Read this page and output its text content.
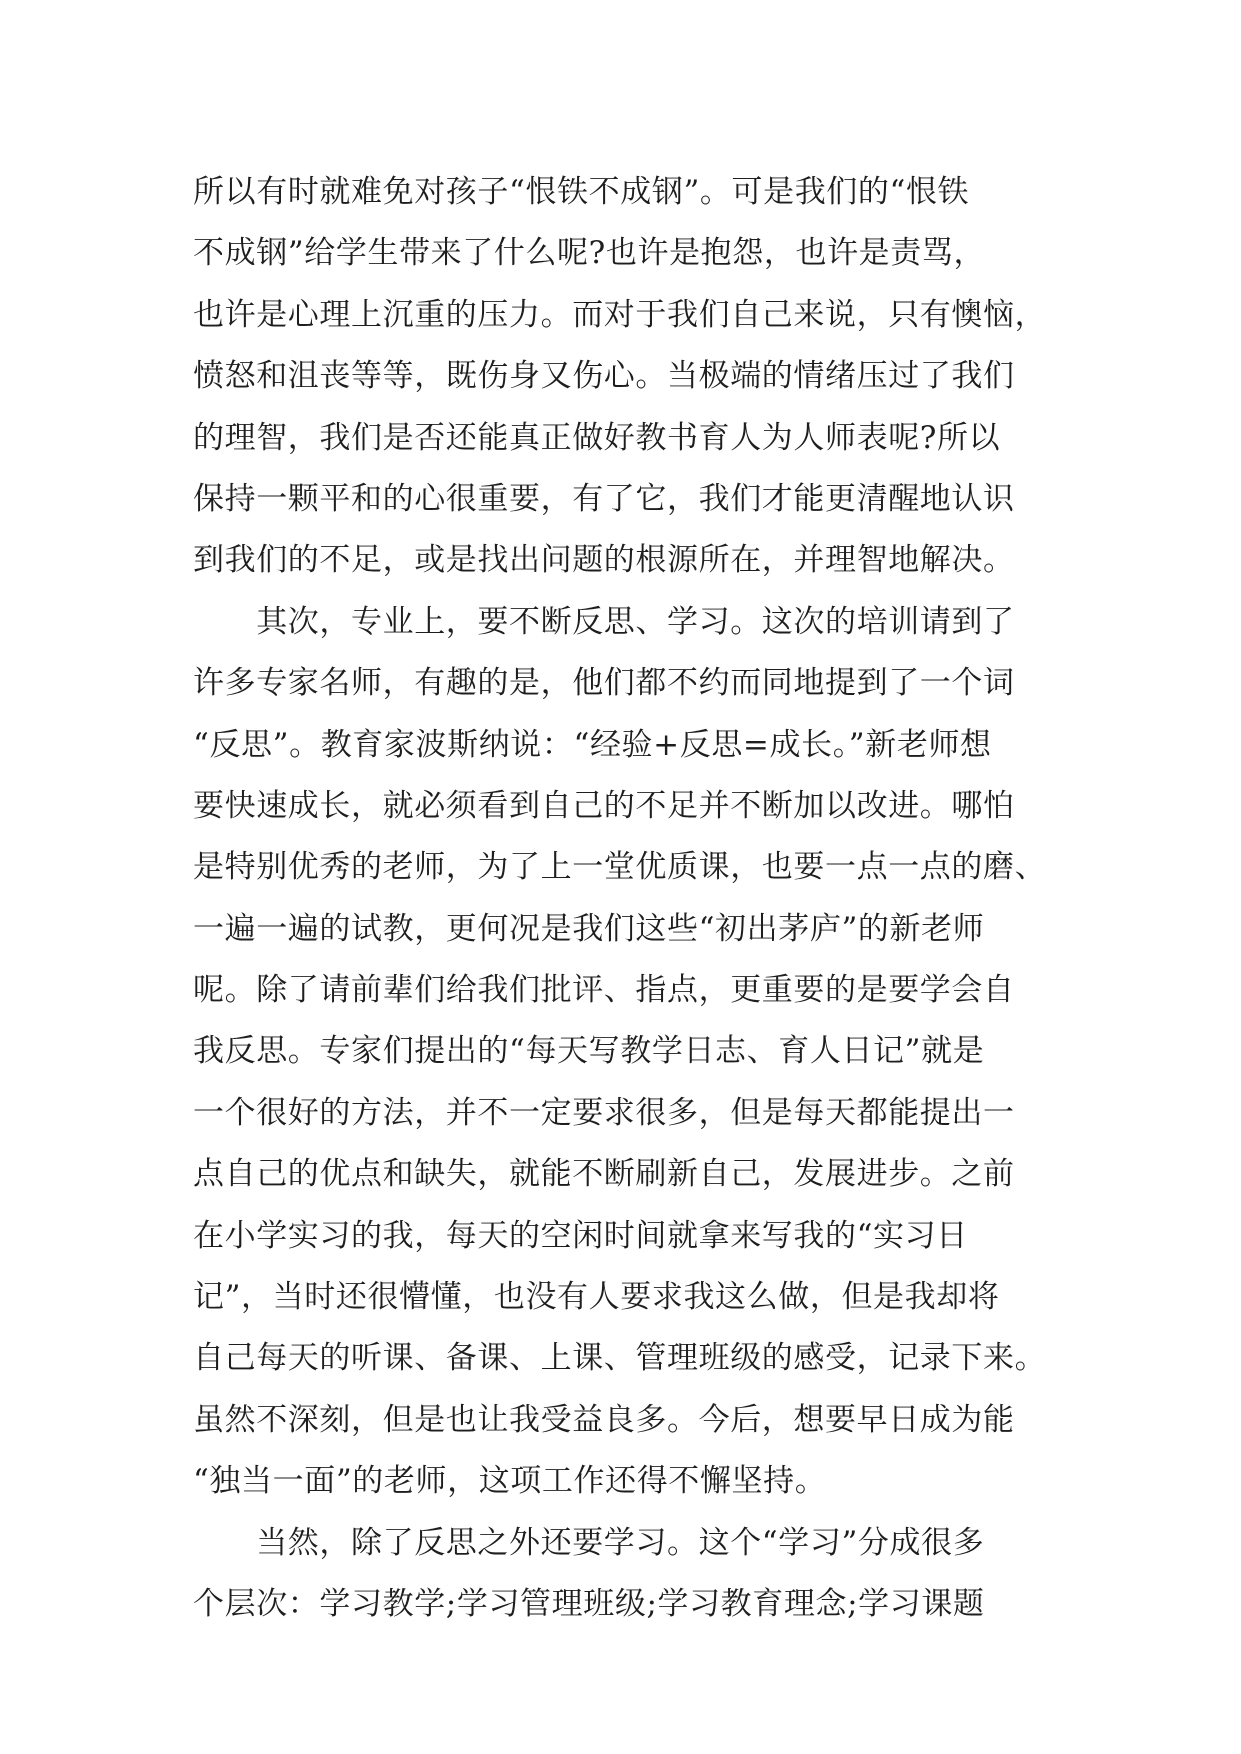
所以有时就难免对孩子“恨铁不成钢”。可是我们的“恨铁
不成钢”给学生带来了什么呢?也许是抱怨，也许是责骂，
也许是心理上沉重的压力。而对于我们自己来说，只有懊恼，
愤怒和沮丧等等，既伤身又伤心。当极端的情绪压过了我们
的理智，我们是否还能真正做好教书育人为人师表呢?所以
保持一颗平和的心很重要，有了它，我们才能更清醒地认识
到我们的不足，或是找出问题的根源所在，并理智地解决。
　　其次，专业上，要不断反思、学习。这次的培训请到了
许多专家名师，有趣的是，他们都不约而同地提到了一个词
“反思”。教育家波斯纳说：“经验+反思=成长。”新老师想
要快速成长，就必须看到自己的不足并不断加以改进。哪怕
是特别优秀的老师，为了上一堂优质课，也要一点一点的磨、
一遍一遍的试教，更何况是我们这些“初出茅庐”的新老师
呢。除了请前辈们给我们批评、指点，更重要的是要学会自
我反思。专家们提出的“每天写教学日志、育人日记”就是
一个很好的方法，并不一定要求很多，但是每天都能提出一
点自己的优点和缺失，就能不断刷新自己，发展进步。之前
在小学实习的我，每天的空闲时间就拿来写我的“实习日
记”，当时还很懵懂，也没有人要求我这么做，但是我却将
自己每天的听课、备课、上课、管理班级的感受，记录下来。
虽然不深刻，但是也让我受益良多。今后，想要早日成为能
“独当一面”的老师，这项工作还得不懈坚持。
　　当然，除了反思之外还要学习。这个“学习”分成很多
个层次：学习教学;学习管理班级;学习教育理念;学习课题
